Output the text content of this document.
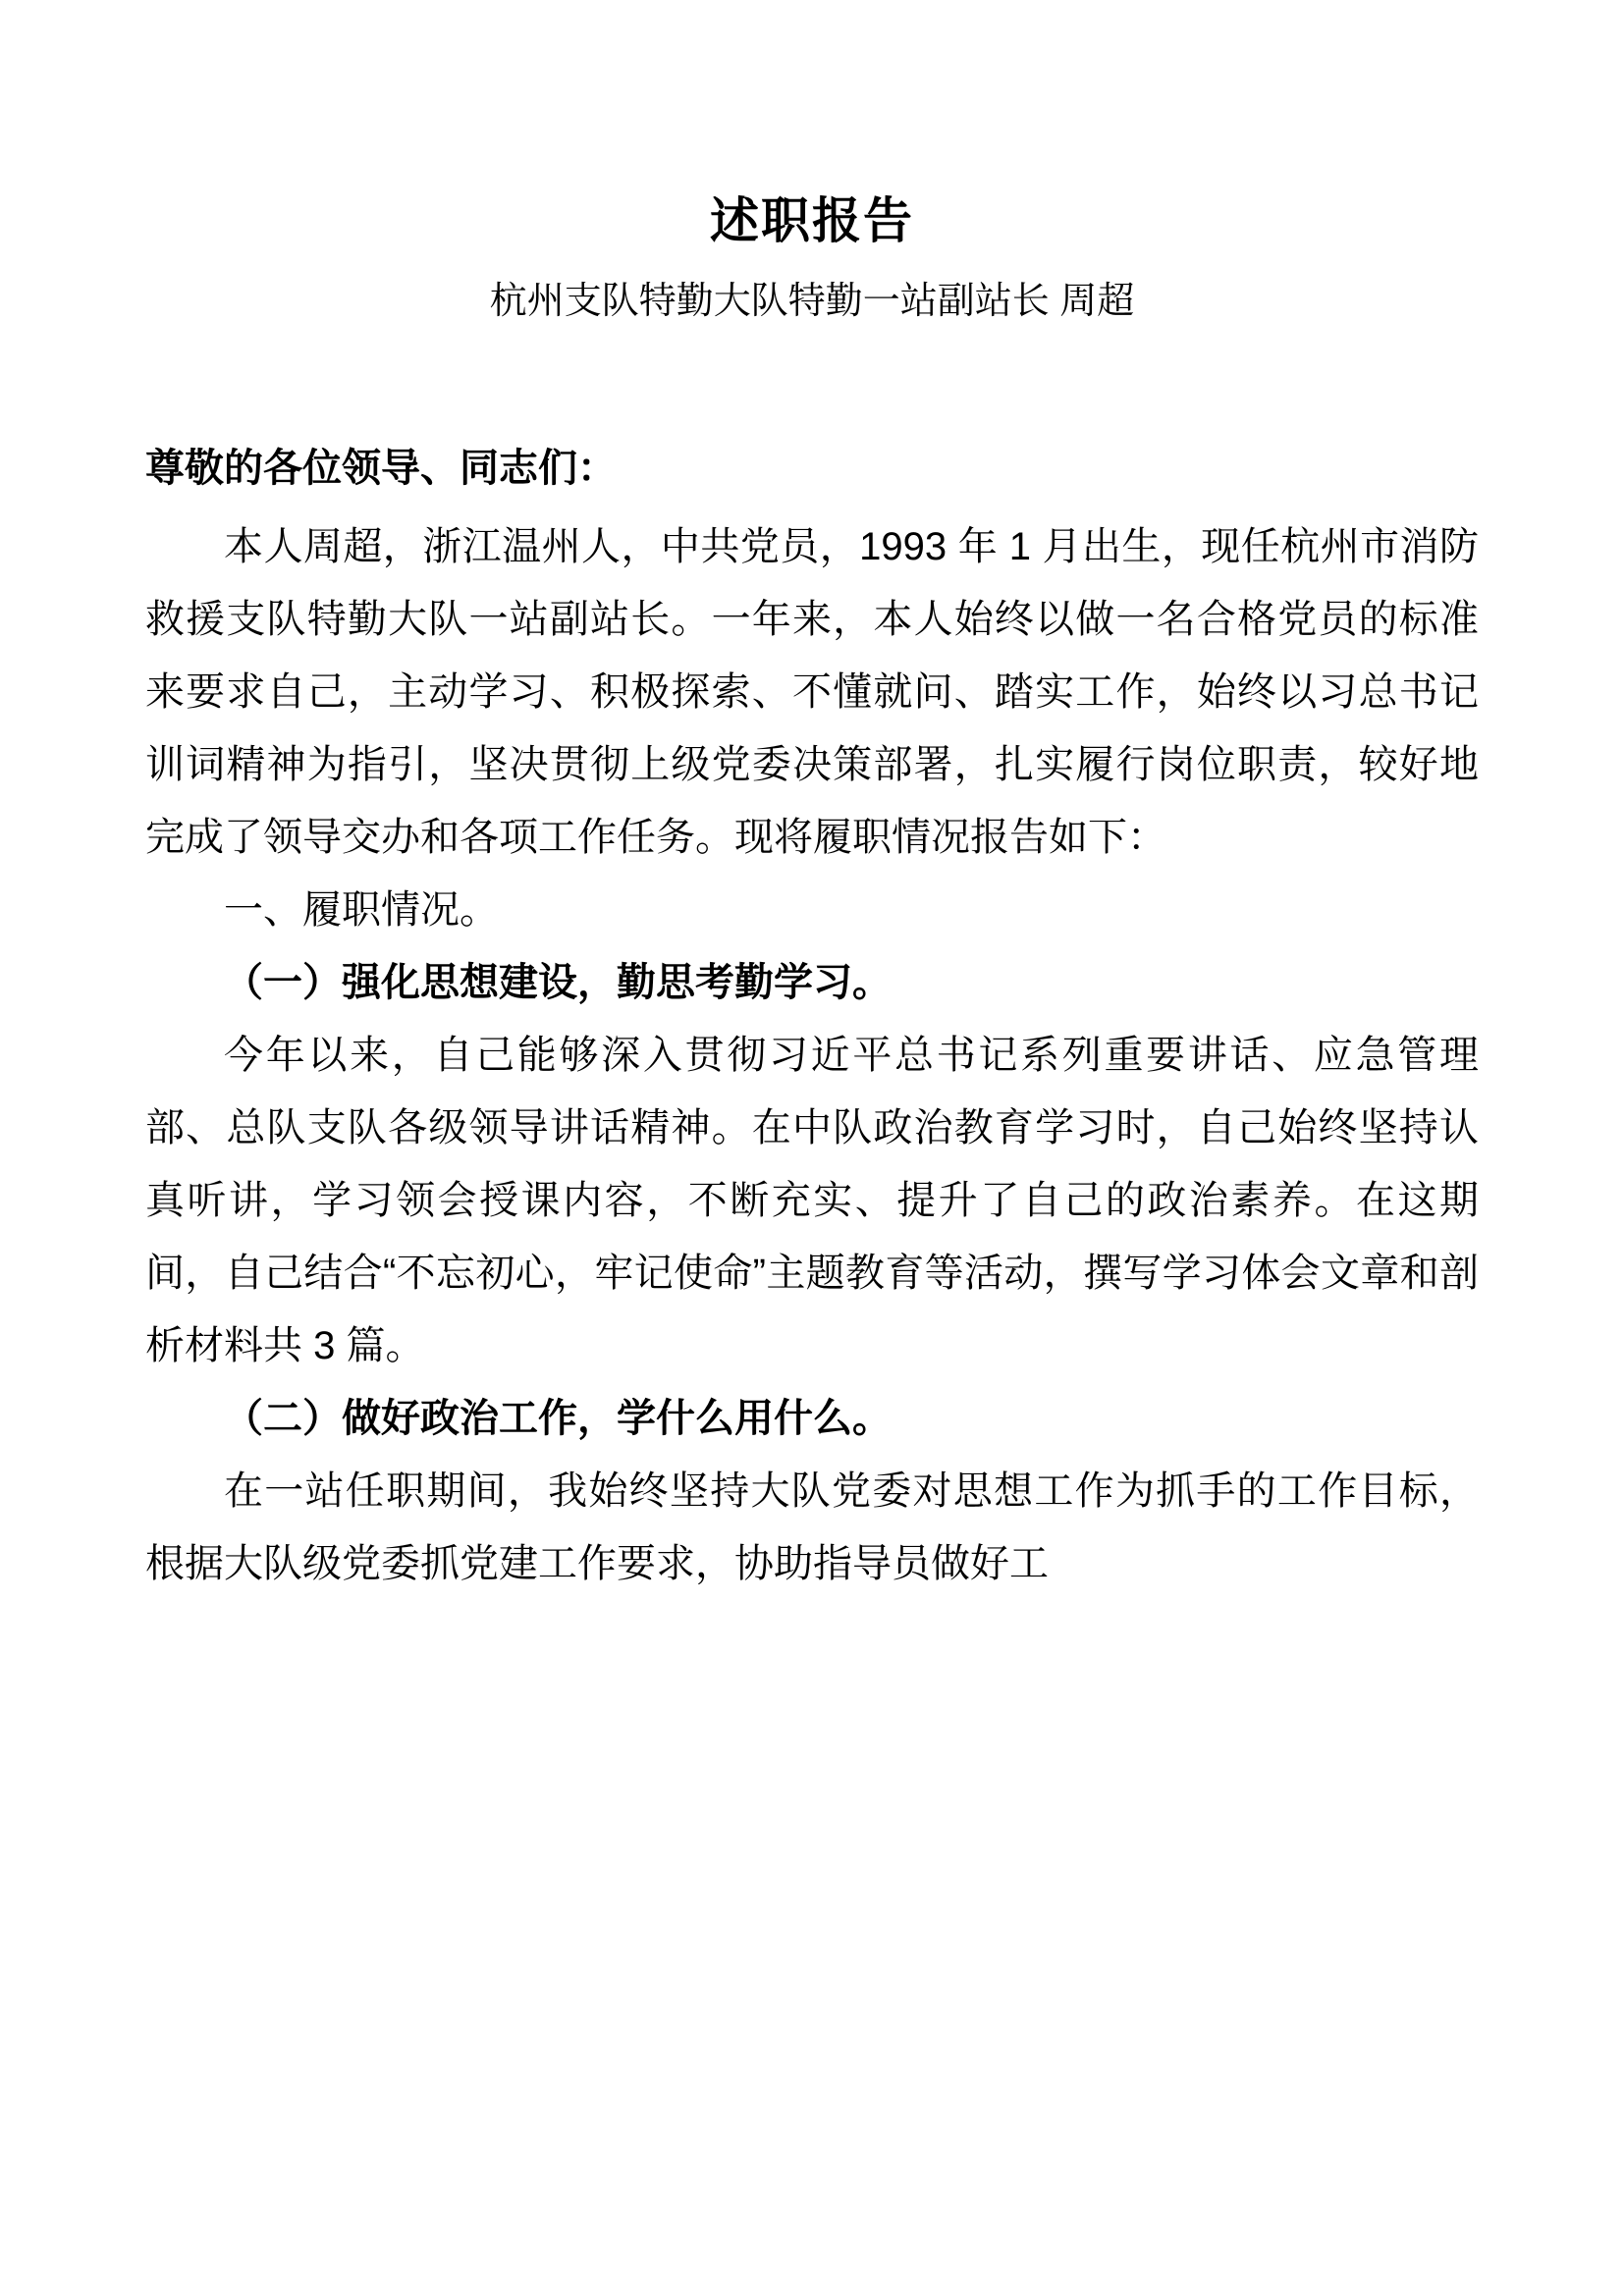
述职报告
杭州支队特勤大队特勤一站副站长 周超

尊敬的各位领导、同志们：

本人周超，浙江温州人，中共党员，1993 年 1 月出生，现任杭州市消防救援支队特勤大队一站副站长。一年来，本人始终以做一名合格党员的标准来要求自己，主动学习、积极探索、不懂就问、踏实工作，始终以习总书记训词精神为指引，坚决贯彻上级党委决策部署，扎实履行岗位职责，较好地完成了领导交办和各项工作任务。现将履职情况报告如下：

一、履职情况。

（一）强化思想建设，勤思考勤学习。

今年以来，自己能够深入贯彻习近平总书记系列重要讲话、应急管理部、总队支队各级领导讲话精神。在中队政治教育学习时，自己始终坚持认真听讲，学习领会授课内容，不断充实、提升了自己的政治素养。在这期间，自己结合“不忘初心，牢记使命”主题教育等活动，撰写学习体会文章和剖析材料共 3 篇。

（二）做好政治工作，学什么用什么。

在一站任职期间，我始终坚持大队党委对思想工作为抓手的工作目标，根据大队级党委抓党建工作要求，协助指导员做好工
